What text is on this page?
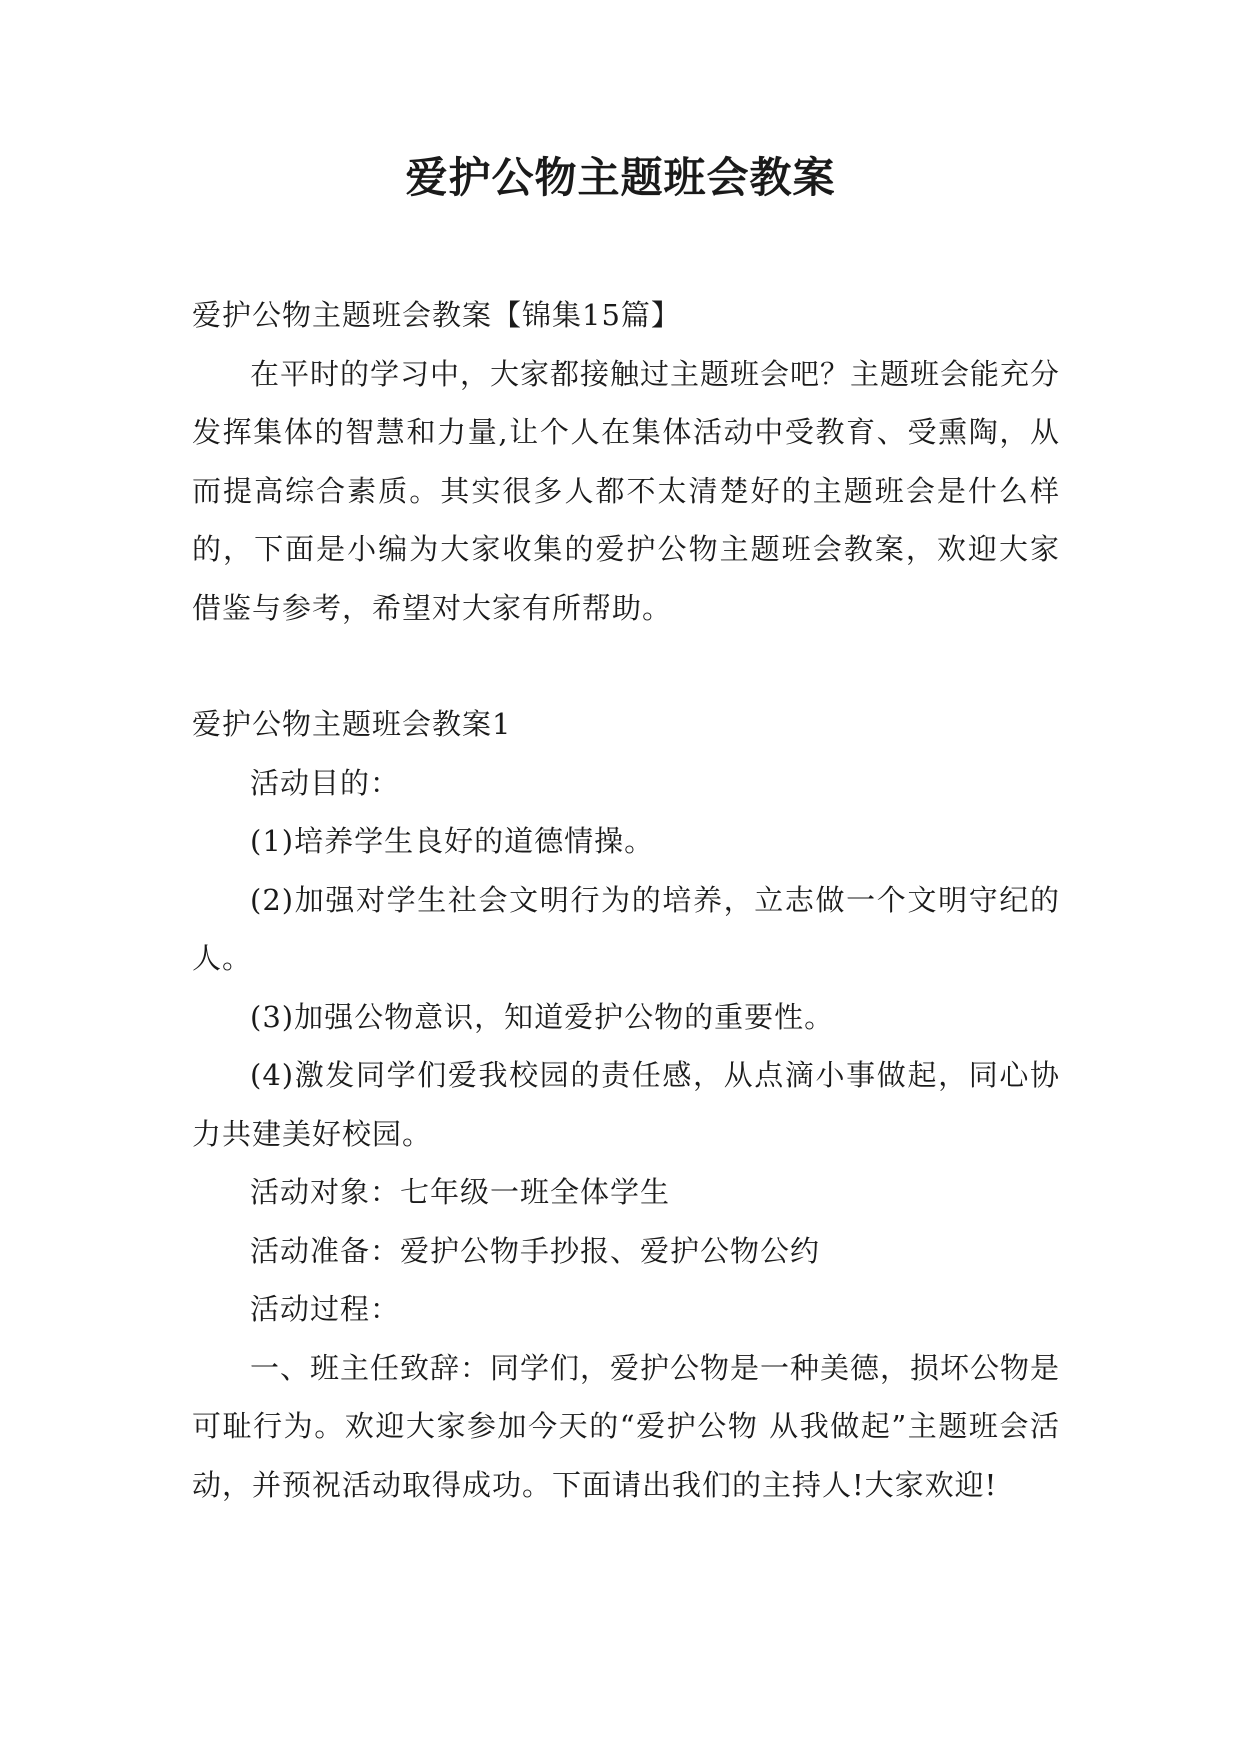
爱护公物主题班会教案

爱护公物主题班会教案【锦集15篇】

在平时的学习中，大家都接触过主题班会吧？主题班会能充分发挥集体的智慧和力量,让个人在集体活动中受教育、受熏陶，从而提高综合素质。其实很多人都不太清楚好的主题班会是什么样的，下面是小编为大家收集的爱护公物主题班会教案，欢迎大家借鉴与参考，希望对大家有所帮助。

爱护公物主题班会教案1

活动目的：

(1)培养学生良好的道德情操。

(2)加强对学生社会文明行为的培养，立志做一个文明守纪的人。

(3)加强公物意识，知道爱护公物的重要性。

(4)激发同学们爱我校园的责任感，从点滴小事做起，同心协力共建美好校园。

活动对象：七年级一班全体学生

活动准备：爱护公物手抄报、爱护公物公约

活动过程：

一、班主任致辞：同学们，爱护公物是一种美德，损坏公物是可耻行为。欢迎大家参加今天的“爱护公物 从我做起”主题班会活动，并预祝活动取得成功。下面请出我们的主持人!大家欢迎!
